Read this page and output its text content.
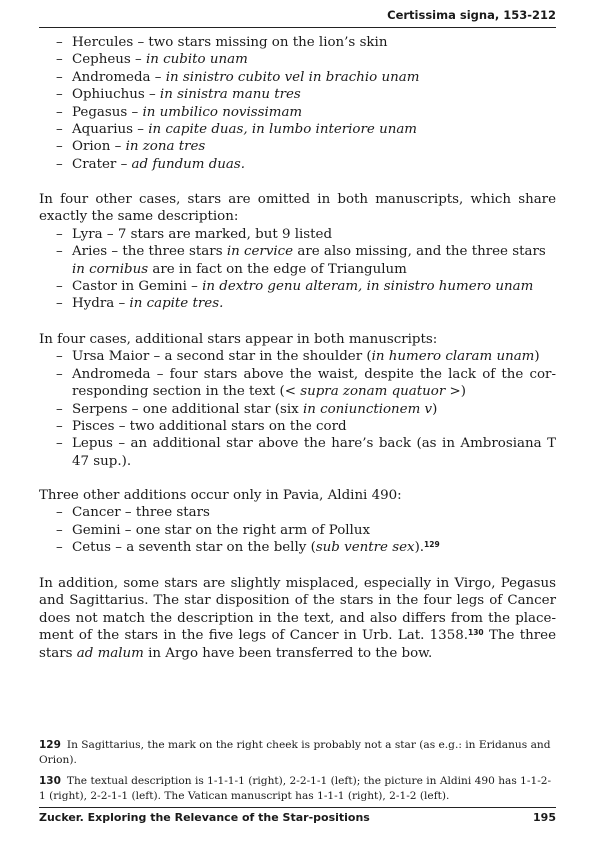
Certissima signa, 153-212
– Hercules – two stars missing on the lion’s skin
– Cepheus – in cubito unam
– Andromeda – in sinistro cubito vel in brachio unam
– Ophiuchus – in sinistra manu tres
– Pegasus – in umbilico novissimam
– Aquarius – in capite duas, in lumbo interiore unam
– Orion – in zona tres
– Crater – ad fundum duas.

In four other cases, stars are omitted in both manuscripts, which share exactly the same description:

– Lyra – 7 stars are marked, but 9 listed
– Aries – the three stars in cervice are also missing, and the three stars in cornibus are in fact on the edge of Triangulum
– Castor in Gemini – in dextro genu alteram, in sinistro humero unam
– Hydra – in capite tres.

In four cases, additional stars appear in both manuscripts:

– Ursa Maior – a second star in the shoulder (in humero claram unam)
– Andromeda – four stars above the waist, despite the lack of the corresponding section in the text (< supra zonam quatuor >)
– Serpens – one additional star (six in coniunctionem v)
– Pisces – two additional stars on the cord
– Lepus – an additional star above the hare’s back (as in Ambrosiana T 47 sup.).

Three other additions occur only in Pavia, Aldini 490:

– Cancer – three stars
– Gemini – one star on the right arm of Pollux
– Cetus – a seventh star on the belly (sub ventre sex).$^{129}$

In addition, some stars are slightly misplaced, especially in Virgo, Pegasus and Sagittarius. The star disposition of the stars in the four legs of Cancer does not match the description in the text, and also differs from the placement of the stars in the five legs of Cancer in Urb. Lat. 1358.$^{130}$ The three stars ad malum in Argo have been transferred to the bow.

129 In Sagittarius, the mark on the right cheek is probably not a star (as e.g.: in Eridanus and Orion).

130 The textual description is 1-1-1-1 (right), 2-2-1-1 (left); the picture in Aldini 490 has 1-1-2-1 (right), 2-2-1-1 (left). The Vatican manuscript has 1-1-1 (right), 2-1-2 (left).

Zucker. Exploring the Relevance of the Star-positions	195
